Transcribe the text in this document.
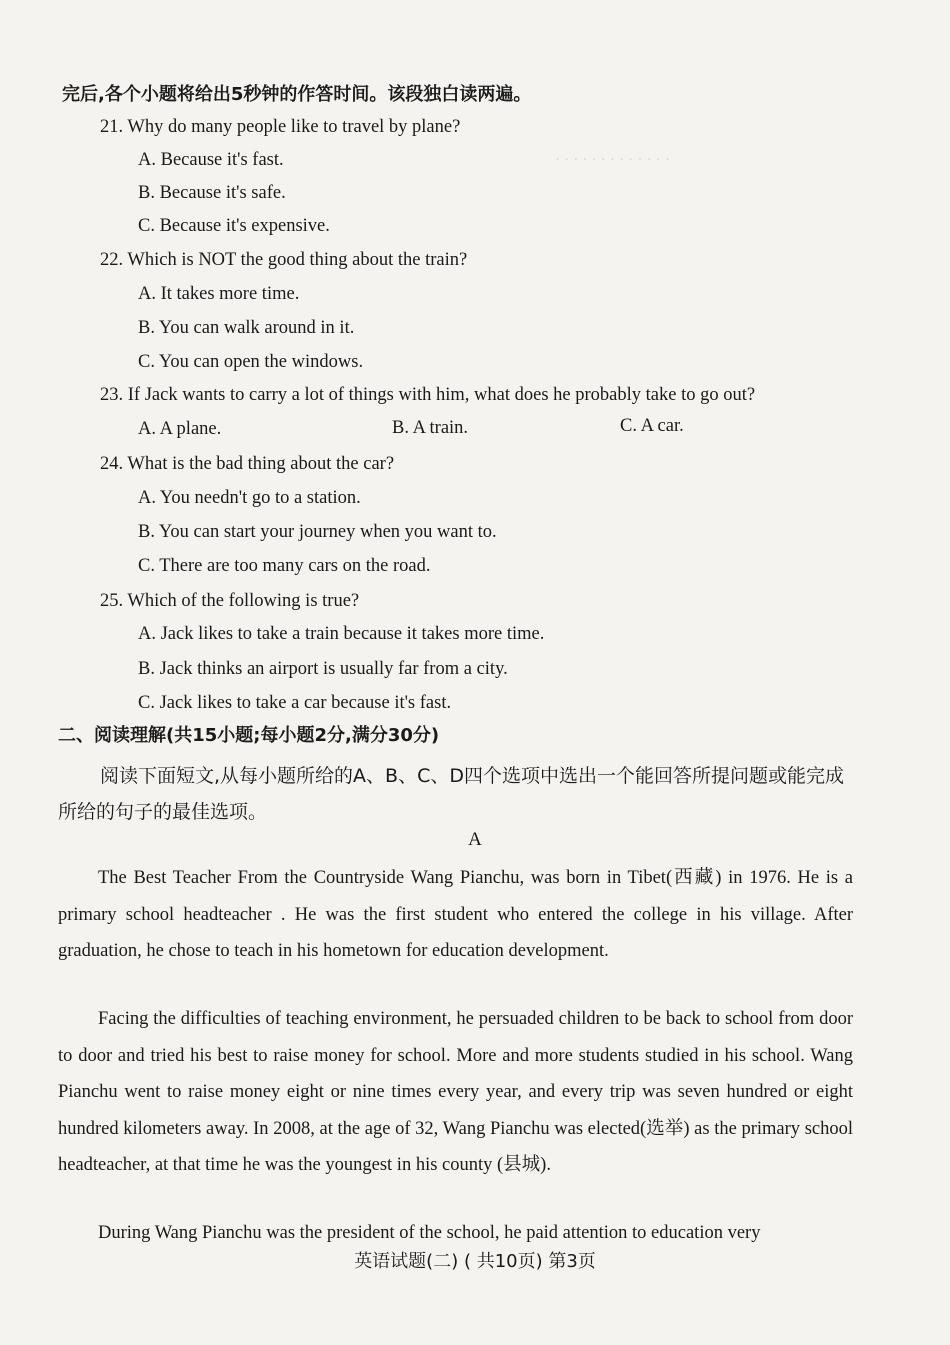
· · · · · · · · · · · · ·
完后,各个小题将给出5秒钟的作答时间。该段独白读两遍。
21. Why do many people like to travel by plane?
A. Because it's fast.
B. Because it's safe.
C. Because it's expensive.
22. Which is NOT the good thing about the train?
A. It takes more time.
B. You can walk around in it.
C. You can open the windows.
23. If Jack wants to carry a lot of things with him, what does he probably take to go out?
A. A plane.	B. A train.	C. A car.
24. What is the bad thing about the car?
A. You needn't go to a station.
B. You can start your journey when you want to.
C. There are too many cars on the road.
25. Which of the following is true?
A. Jack likes to take a train because it takes more time.
B. Jack thinks an airport is usually far from a city.
C. Jack likes to take a car because it's fast.
二、阅读理解(共15小题;每小题2分,满分30分)
阅读下面短文,从每小题所给的A、B、C、D四个选项中选出一个能回答所提问题或能完成所给的句子的最佳选项。
A
The Best Teacher From the Countryside Wang Pianchu, was born in Tibet(西藏) in 1976. He is a primary school headteacher . He was the first student who entered the college in his village. After graduation, he chose to teach in his hometown for education development.
Facing the difficulties of teaching environment, he persuaded children to be back to school from door to door and tried his best to raise money for school. More and more students studied in his school. Wang Pianchu went to raise money eight or nine times every year, and every trip was seven hundred or eight hundred kilometers away. In 2008, at the age of 32, Wang Pianchu was elected(选举) as the primary school headteacher, at that time he was the youngest in his county (县城).
During Wang Pianchu was the president of the school, he paid attention to education very
英语试题(二) ( 共10页) 第3页
